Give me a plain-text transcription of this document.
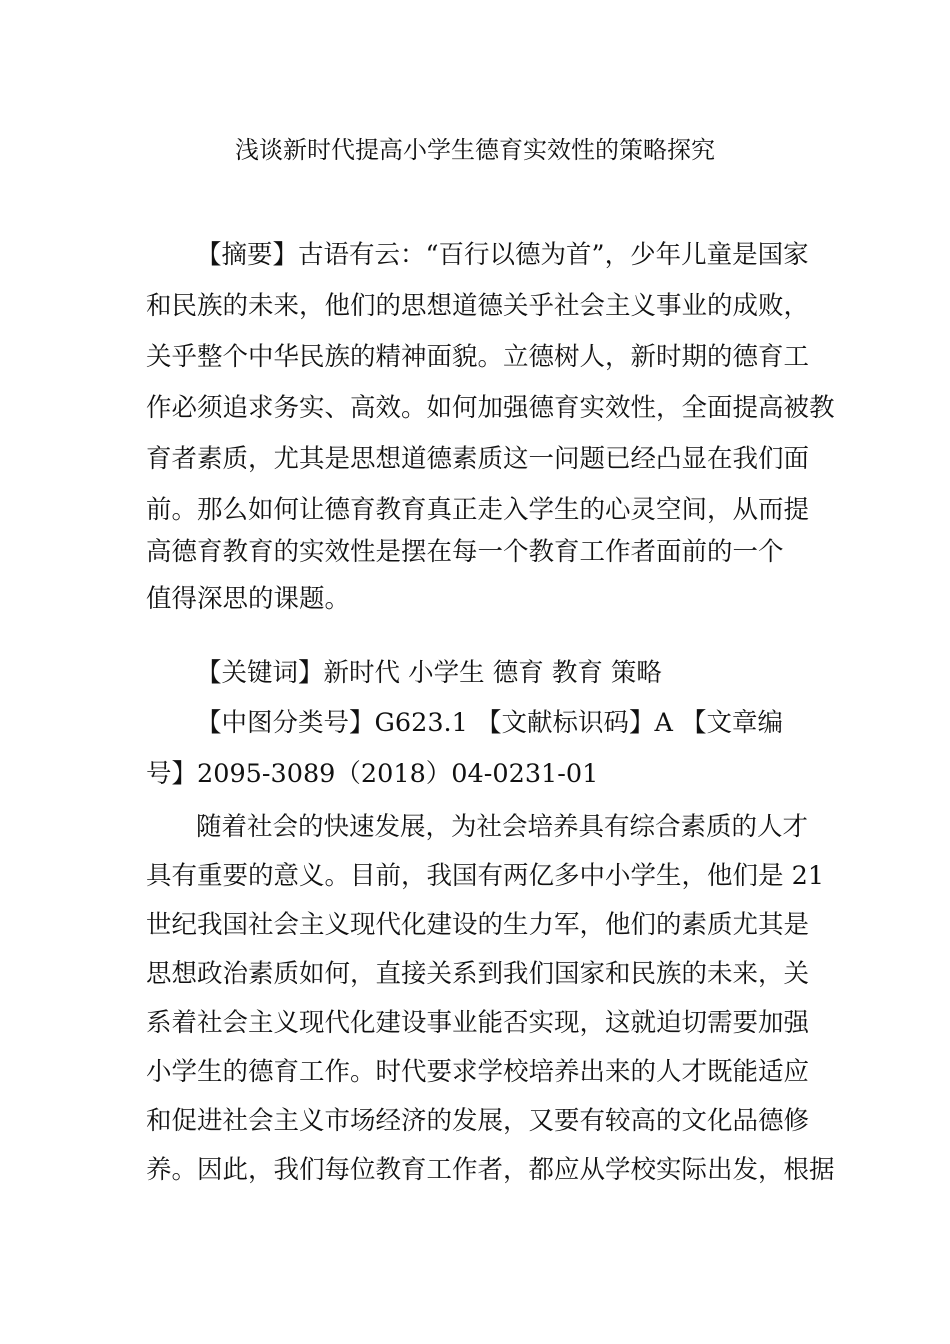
浅谈新时代提高小学生德育实效性的策略探究

【摘要】古语有云：“百行以德为首”，少年儿童是国家

和民族的未来，他们的思想道德关乎社会主义事业的成败，

关乎整个中华民族的精神面貌。立德树人，新时期的德育工

作必须追求务实、高效。如何加强德育实效性，全面提高被教

育者素质，尤其是思想道德素质这一问题已经凸显在我们面

前。那么如何让德育教育真正走入学生的心灵空间，从而提

高德育教育的实效性是摆在每一个教育工作者面前的一个

值得深思的课题。

【关键词】新时代 小学生 德育 教育 策略

【中图分类号】G623.1 【文献标识码】A 【文章编

号】2095-3089（2018）04-0231-01

随着社会的快速发展，为社会培养具有综合素质的人才

具有重要的意义。目前，我国有两亿多中小学生，他们是 21

世纪我国社会主义现代化建设的生力军，他们的素质尤其是

思想政治素质如何，直接关系到我们国家和民族的未来，关

系着社会主义现代化建设事业能否实现，这就迫切需要加强

小学生的德育工作。时代要求学校培养出来的人才既能适应

和促进社会主义市场经济的发展，又要有较高的文化品德修

养。因此，我们每位教育工作者，都应从学校实际出发，根据
